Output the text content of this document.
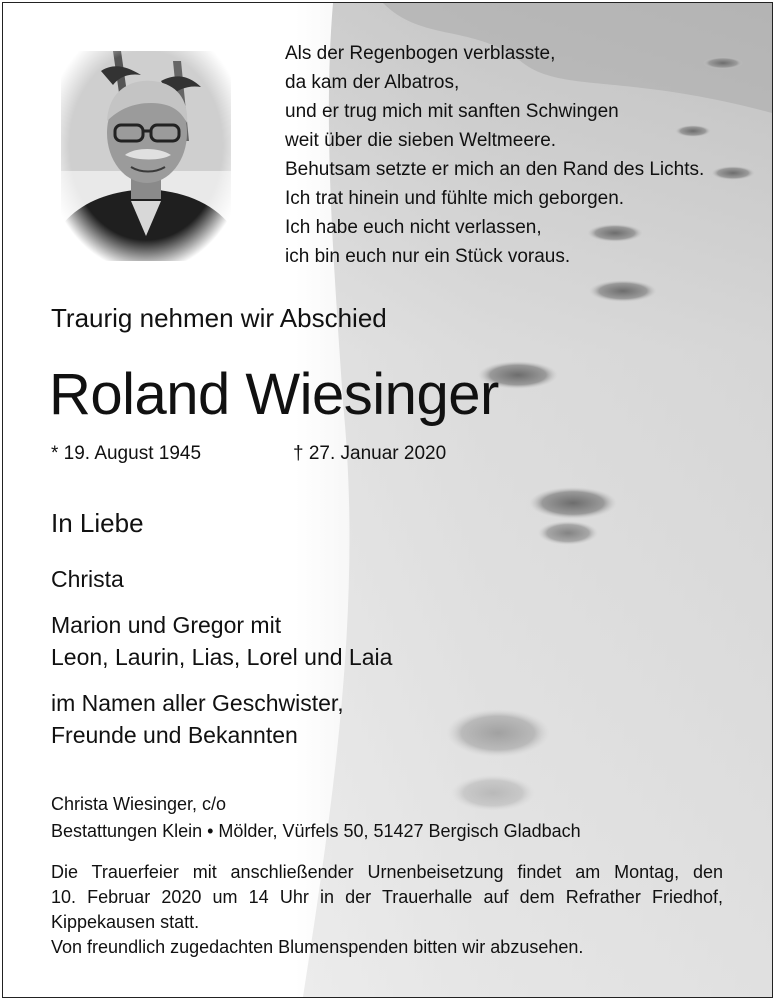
Als der Regenbogen verblasste,
da kam der Albatros,
und er trug mich mit sanften Schwingen
weit über die sieben Weltmeere.
Behutsam setzte er mich an den Rand des Lichts.
Ich trat hinein und fühlte mich geborgen.
Ich habe euch nicht verlassen,
ich bin euch nur ein Stück voraus.
Traurig nehmen wir Abschied
Roland Wiesinger
* 19. August 1945	† 27. Januar 2020
In Liebe
Christa
Marion und Gregor mit
Leon, Laurin, Lias, Lorel und Laia
im Namen aller Geschwister,
Freunde und Bekannten
Christa Wiesinger, c/o
Bestattungen Klein • Mölder, Vürfels 50, 51427 Bergisch Gladbach
Die Trauerfeier mit anschließender Urnenbeisetzung findet am Montag, den
10. Februar 2020 um 14 Uhr in der Trauerhalle auf dem Refrather Friedhof,
Kippekausen statt.
Von freundlich zugedachten Blumenspenden bitten wir abzusehen.
